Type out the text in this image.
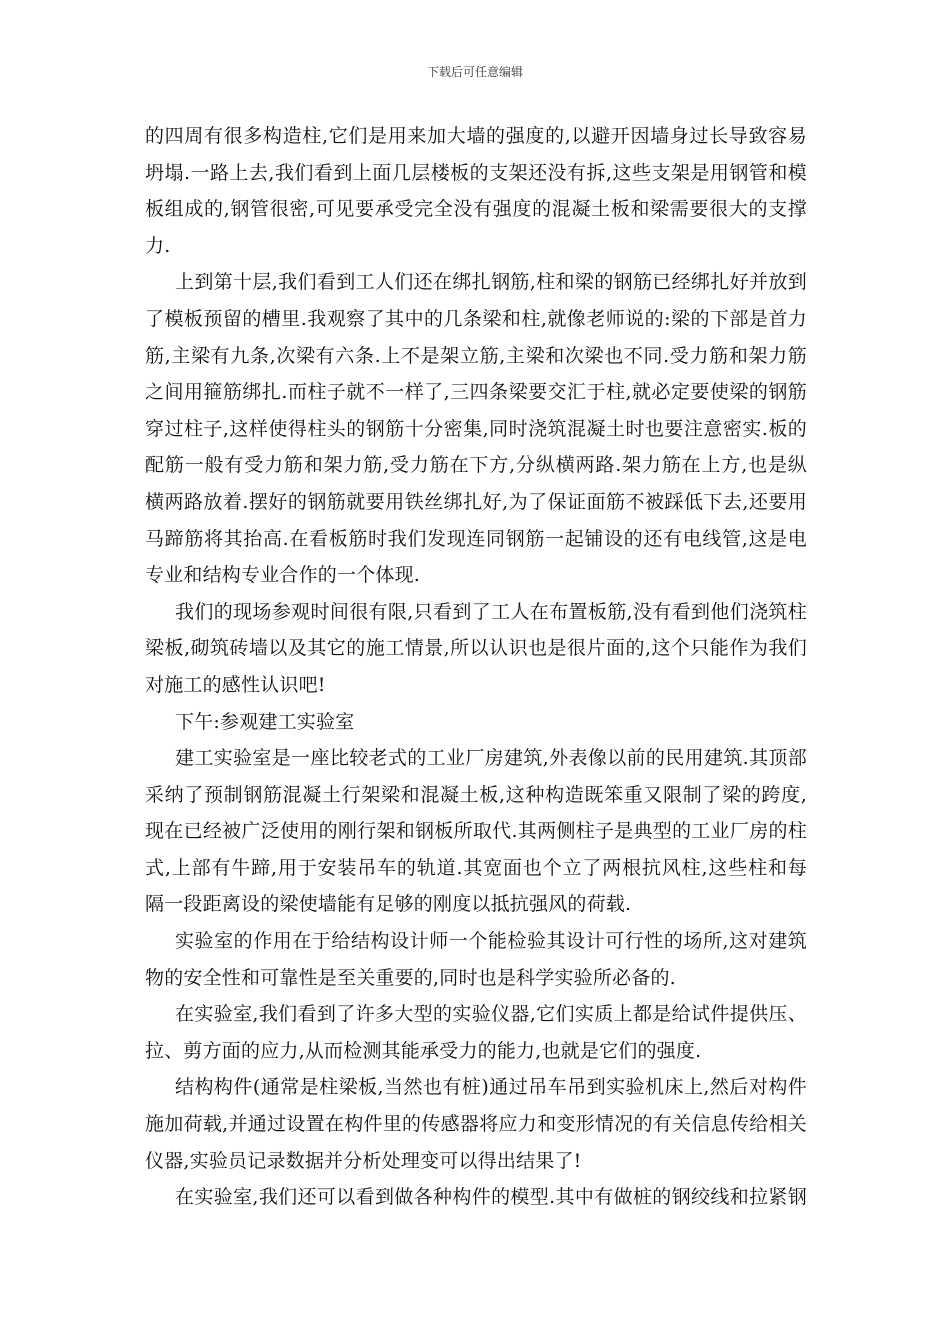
下载后可任意编辑
的四周有很多构造柱,它们是用来加大墙的强度的,以避开因墙身过长导致容易
坍塌.一路上去,我们看到上面几层楼板的支架还没有拆,这些支架是用钢管和模
板组成的,钢管很密,可见要承受完全没有强度的混凝土板和梁需要很大的支撑
力.
上到第十层,我们看到工人们还在绑扎钢筋,柱和梁的钢筋已经绑扎好并放到
了模板预留的槽里.我观察了其中的几条梁和柱,就像老师说的:梁的下部是首力
筋,主梁有九条,次梁有六条.上不是架立筋,主梁和次梁也不同.受力筋和架力筋
之间用箍筋绑扎.而柱子就不一样了,三四条梁要交汇于柱,就必定要使梁的钢筋
穿过柱子,这样使得柱头的钢筋十分密集,同时浇筑混凝土时也要注意密实.板的
配筋一般有受力筋和架力筋,受力筋在下方,分纵横两路.架力筋在上方,也是纵
横两路放着.摆好的钢筋就要用铁丝绑扎好,为了保证面筋不被踩低下去,还要用
马蹄筋将其抬高.在看板筋时我们发现连同钢筋一起铺设的还有电线管,这是电
专业和结构专业合作的一个体现.
我们的现场参观时间很有限,只看到了工人在布置板筋,没有看到他们浇筑柱
梁板,砌筑砖墙以及其它的施工情景,所以认识也是很片面的,这个只能作为我们
对施工的感性认识吧!
下午:参观建工实验室
建工实验室是一座比较老式的工业厂房建筑,外表像以前的民用建筑.其顶部
采纳了预制钢筋混凝土行架梁和混凝土板,这种构造既笨重又限制了梁的跨度,
现在已经被广泛使用的刚行架和钢板所取代.其两侧柱子是典型的工业厂房的柱
式,上部有牛蹄,用于安装吊车的轨道.其宽面也个立了两根抗风柱,这些柱和每
隔一段距离设的梁使墙能有足够的刚度以抵抗强风的荷载.
实验室的作用在于给结构设计师一个能检验其设计可行性的场所,这对建筑
物的安全性和可靠性是至关重要的,同时也是科学实验所必备的.
在实验室,我们看到了许多大型的实验仪器,它们实质上都是给试件提供压、
拉、剪方面的应力,从而检测其能承受力的能力,也就是它们的强度.
结构构件(通常是柱梁板,当然也有桩)通过吊车吊到实验机床上,然后对构件
施加荷载,并通过设置在构件里的传感器将应力和变形情况的有关信息传给相关
仪器,实验员记录数据并分析处理变可以得出结果了!
在实验室,我们还可以看到做各种构件的模型.其中有做桩的钢绞线和拉紧钢
